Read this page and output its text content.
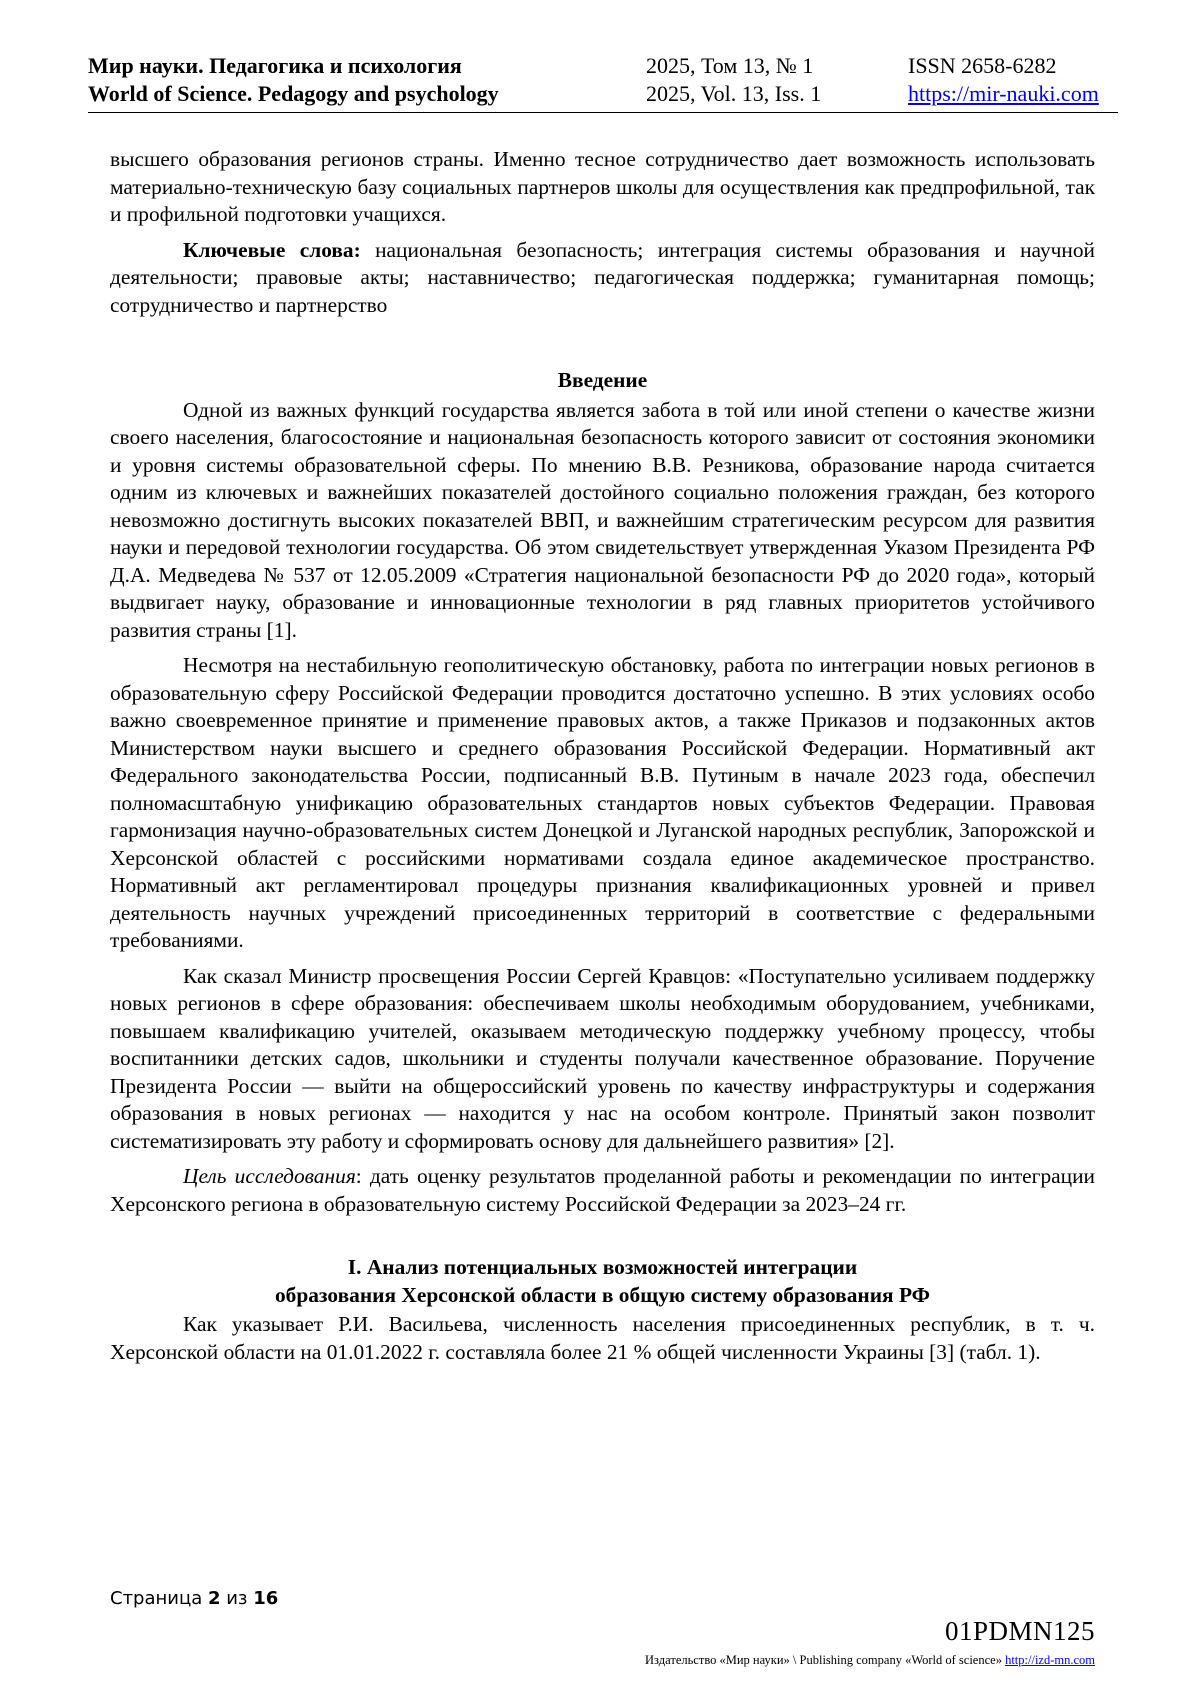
Мир науки. Педагогика и психология
World of Science. Pedagogy and psychology
2025, Том 13, № 1
2025, Vol. 13, Iss. 1
ISSN 2658-6282
https://mir-nauki.com

высшего образования регионов страны. Именно тесное сотрудничество дает возможность использовать материально-техническую базу социальных партнеров школы для осуществления как предпрофильной, так и профильной подготовки учащихся.

Ключевые слова: национальная безопасность; интеграция системы образования и научной деятельности; правовые акты; наставничество; педагогическая поддержка; гуманитарная помощь; сотрудничество и партнерство

Введение

Одной из важных функций государства является забота в той или иной степени о качестве жизни своего населения, благосостояние и национальная безопасность которого зависит от состояния экономики и уровня системы образовательной сферы. По мнению В.В. Резникова, образование народа считается одним из ключевых и важнейших показателей достойного социально положения граждан, без которого невозможно достигнуть высоких показателей ВВП, и важнейшим стратегическим ресурсом для развития науки и передовой технологии государства. Об этом свидетельствует утвержденная Указом Президента РФ Д.А. Медведева № 537 от 12.05.2009 «Стратегия национальной безопасности РФ до 2020 года», который выдвигает науку, образование и инновационные технологии в ряд главных приоритетов устойчивого развития страны [1].

Несмотря на нестабильную геополитическую обстановку, работа по интеграции новых регионов в образовательную сферу Российской Федерации проводится достаточно успешно. В этих условиях особо важно своевременное принятие и применение правовых актов, а также Приказов и подзаконных актов Министерством науки высшего и среднего образования Российской Федерации. Нормативный акт Федерального законодательства России, подписанный В.В. Путиным в начале 2023 года, обеспечил полномасштабную унификацию образовательных стандартов новых субъектов Федерации. Правовая гармонизация научно-образовательных систем Донецкой и Луганской народных республик, Запорожской и Херсонской областей с российскими нормативами создала единое академическое пространство. Нормативный акт регламентировал процедуры признания квалификационных уровней и привел деятельность научных учреждений присоединенных территорий в соответствие с федеральными требованиями.

Как сказал Министр просвещения России Сергей Кравцов: «Поступательно усиливаем поддержку новых регионов в сфере образования: обеспечиваем школы необходимым оборудованием, учебниками, повышаем квалификацию учителей, оказываем методическую поддержку учебному процессу, чтобы воспитанники детских садов, школьники и студенты получали качественное образование. Поручение Президента России — выйти на общероссийский уровень по качеству инфраструктуры и содержания образования в новых регионах — находится у нас на особом контроле. Принятый закон позволит систематизировать эту работу и сформировать основу для дальнейшего развития» [2].

Цель исследования: дать оценку результатов проделанной работы и рекомендации по интеграции Херсонского региона в образовательную систему Российской Федерации за 2023–24 гг.

I. Анализ потенциальных возможностей интеграции
образования Херсонской области в общую систему образования РФ

Как указывает Р.И. Васильева, численность населения присоединенных республик, в т. ч. Херсонской области на 01.01.2022 г. составляла более 21 % общей численности Украины [3] (табл. 1).

Страница 2 из 16
01PDMN125
Издательство «Мир науки» \ Publishing company «World of science» http://izd-mn.com
